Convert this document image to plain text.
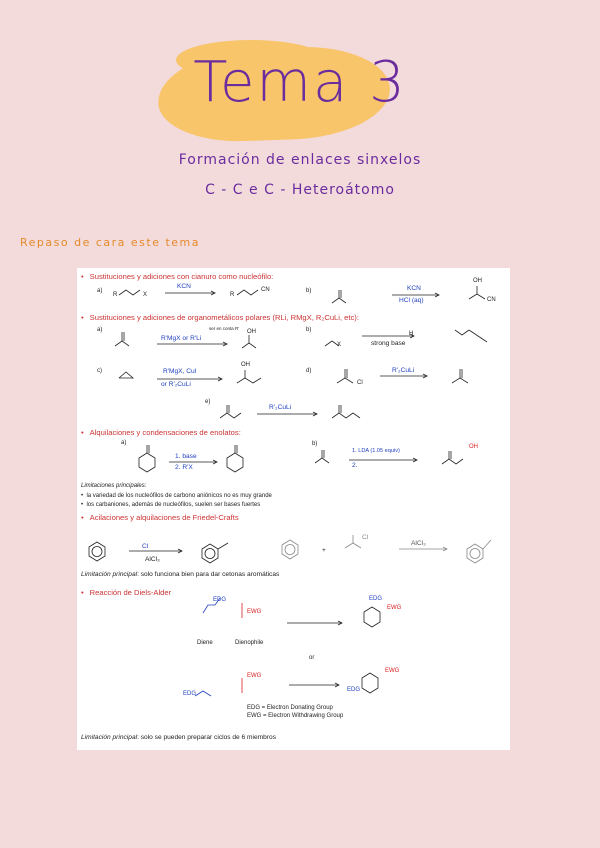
Tema 3
Formación de enlaces sinxelos
C - C e C - Heteroátomo
Repaso de cara este tema
• Sustituciones y adiciones con cianuro como nucleófilo:
a)
R	X
KCN
R
CN	b)	KCN
HCl (aq)
OH
CN
• Sustituciones y adiciones de organometálicos polares (RLi, RMgX, R₂CuLi, etc):
a)
R'MgX or R'Li
ser en conta R'
OH	b)
X
H
strong base
c)	R'MgX, CuI
or R'₂CuLi
OH
d)	R'₂CuLi
Cl
e)
R'₂CuLi
• Alquilaciones y condensaciones de enolatos:
a)
1. base
2. R'X
b)
1. LDA (1.05 equiv)
2.
OH
Limitaciones principales:
•  la variedad de los nucleófilos de carbono aniónicos no es muy grande
•  los carbaniones, además de nucleófilos, suelen ser bases fuertes
• Acilaciones y alquilaciones de Friedel-Crafts
Cl
AlCl₃
+
Cl
AlCl₃
Limitación principal: solo funciona bien para dar cetonas aromáticas
• Reacción de Diels-Alder
EDG
EWG
Diene	Dienophile
EDG
EWG
or
EDG
EWG
EDG
EWG
EDG = Electron Donating Group
EWG = Electron Withdrawing Group
Limitación principal: solo se pueden preparar ciclos de 6 miembros
